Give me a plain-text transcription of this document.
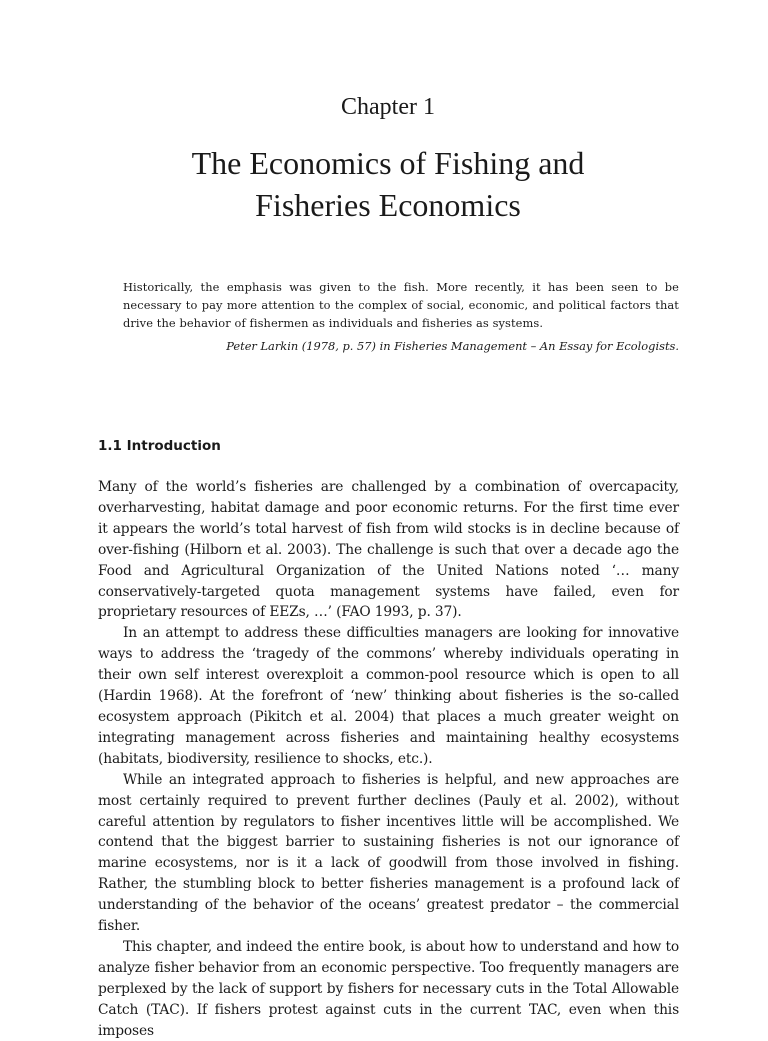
Chapter 1
The Economics of Fishing and
Fisheries Economics
Historically, the emphasis was given to the fish. More recently, it has been seen to be necessary to pay more attention to the complex of social, economic, and political factors that drive the behavior of fishermen as individuals and fisheries as systems.
Peter Larkin (1978, p. 57) in Fisheries Management – An Essay for Ecologists.
1.1 Introduction

Many of the world’s fisheries are challenged by a combination of overcapacity, overharvesting, habitat damage and poor economic returns. For the first time ever it appears the world’s total harvest of fish from wild stocks is in decline because of over-fishing (Hilborn et al. 2003). The challenge is such that over a decade ago the Food and Agricultural Organization of the United Nations noted ‘… many conservatively-targeted quota management systems have failed, even for proprietary resources of EEZs, …’ (FAO 1993, p. 37).

In an attempt to address these difficulties managers are looking for innovative ways to address the ‘tragedy of the commons’ whereby individuals operating in their own self interest overexploit a common-pool resource which is open to all (Hardin 1968). At the forefront of ‘new’ thinking about fisheries is the so-called ecosystem approach (Pikitch et al. 2004) that places a much greater weight on integrating management across fisheries and maintaining healthy ecosystems (habitats, biodiversity, resilience to shocks, etc.).

While an integrated approach to fisheries is helpful, and new approaches are most certainly required to prevent further declines (Pauly et al. 2002), without careful attention by regulators to fisher incentives little will be accomplished. We contend that the biggest barrier to sustaining fisheries is not our ignorance of marine ecosystems, nor is it a lack of goodwill from those involved in fishing. Rather, the stumbling block to better fisheries management is a profound lack of understanding of the behavior of the oceans’ greatest predator – the commercial fisher.

This chapter, and indeed the entire book, is about how to understand and how to analyze fisher behavior from an economic perspective. Too frequently managers are perplexed by the lack of support by fishers for necessary cuts in the Total Allowable Catch (TAC). If fishers protest against cuts in the current TAC, even when this imposes
